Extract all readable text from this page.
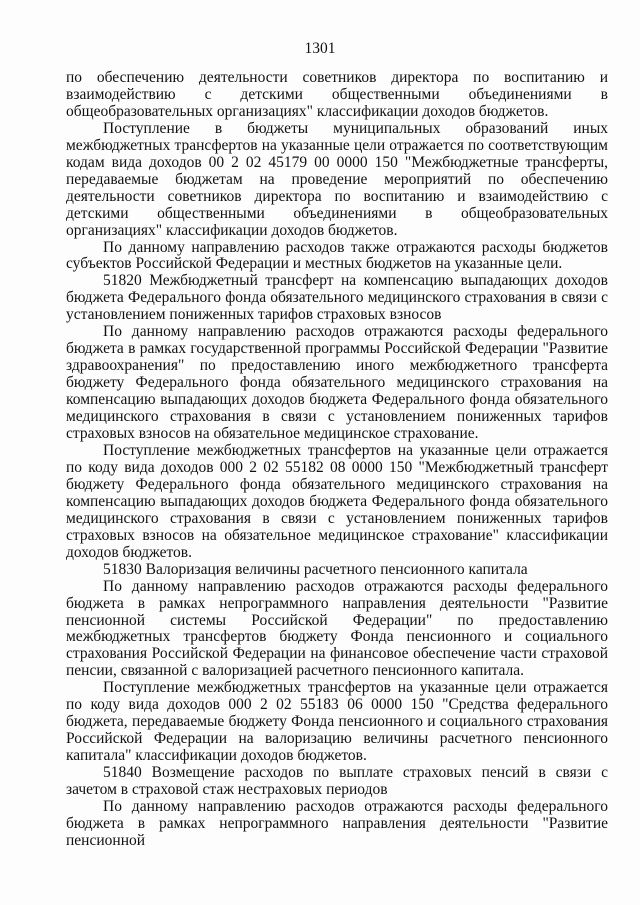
1301

по обеспечению деятельности советников директора по воспитанию и взаимодействию с детскими общественными объединениями в общеобразовательных организациях" классификации доходов бюджетов.

Поступление в бюджеты муниципальных образований иных межбюджетных трансфертов на указанные цели отражается по соответствующим кодам вида доходов 00 2 02 45179 00 0000 150 "Межбюджетные трансферты, передаваемые бюджетам на проведение мероприятий по обеспечению деятельности советников директора по воспитанию и взаимодействию с детскими общественными объединениями в общеобразовательных организациях" классификации доходов бюджетов.

По данному направлению расходов также отражаются расходы бюджетов субъектов Российской Федерации и местных бюджетов на указанные цели.

51820 Межбюджетный трансферт на компенсацию выпадающих доходов бюджета Федерального фонда обязательного медицинского страхования в связи с установлением пониженных тарифов страховых взносов

По данному направлению расходов отражаются расходы федерального бюджета в рамках государственной программы Российской Федерации "Развитие здравоохранения" по предоставлению иного межбюджетного трансферта бюджету Федерального фонда обязательного медицинского страхования на компенсацию выпадающих доходов бюджета Федерального фонда обязательного медицинского страхования в связи с установлением пониженных тарифов страховых взносов на обязательное медицинское страхование.

Поступление межбюджетных трансфертов на указанные цели отражается по коду вида доходов 000 2 02 55182 08 0000 150 "Межбюджетный трансферт бюджету Федерального фонда обязательного медицинского страхования на компенсацию выпадающих доходов бюджета Федерального фонда обязательного медицинского страхования в связи с установлением пониженных тарифов страховых взносов на обязательное медицинское страхование" классификации доходов бюджетов.

51830 Валоризация величины расчетного пенсионного капитала

По данному направлению расходов отражаются расходы федерального бюджета в рамках непрограммного направления деятельности "Развитие пенсионной системы Российской Федерации" по предоставлению межбюджетных трансфертов бюджету Фонда пенсионного и социального страхования Российской Федерации на финансовое обеспечение части страховой пенсии, связанной с валоризацией расчетного пенсионного капитала.

Поступление межбюджетных трансфертов на указанные цели отражается по коду вида доходов 000 2 02 55183 06 0000 150 "Средства федерального бюджета, передаваемые бюджету Фонда пенсионного и социального страхования Российской Федерации на валоризацию величины расчетного пенсионного капитала" классификации доходов бюджетов.

51840 Возмещение расходов по выплате страховых пенсий в связи с зачетом в страховой стаж нестраховых периодов

По данному направлению расходов отражаются расходы федерального бюджета в рамках непрограммного направления деятельности "Развитие пенсионной
